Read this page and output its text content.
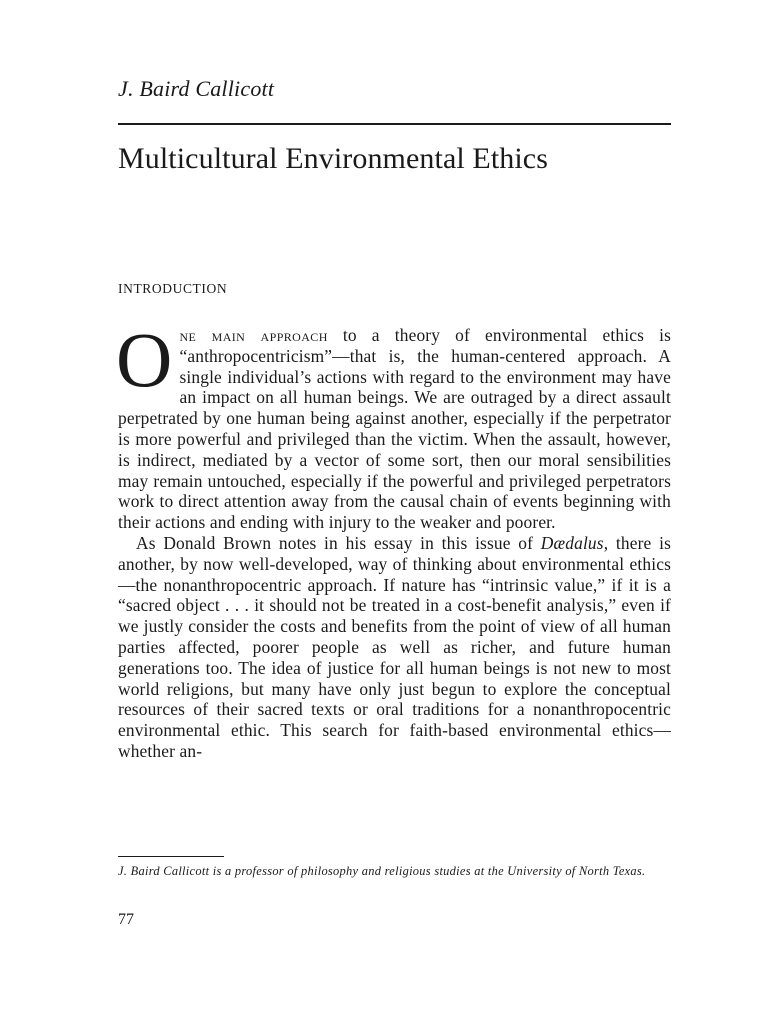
J. Baird Callicott
Multicultural Environmental Ethics
INTRODUCTION

One main approach to a theory of environmental ethics is “anthropocentricism”—that is, the human-centered approach. A single individual’s actions with regard to the environment may have an impact on all human beings. We are outraged by a direct assault perpetrated by one human being against another, especially if the perpetrator is more powerful and privileged than the victim. When the assault, however, is indirect, mediated by a vector of some sort, then our moral sensibilities may remain untouched, especially if the powerful and privileged perpetrators work to direct attention away from the causal chain of events beginning with their actions and ending with injury to the weaker and poorer.

As Donald Brown notes in his essay in this issue of Dædalus, there is another, by now well-developed, way of thinking about environmental ethics—the nonanthropocentric approach. If nature has “intrinsic value,” if it is a “sacred object . . . it should not be treated in a cost-benefit analysis,” even if we justly consider the costs and benefits from the point of view of all human parties affected, poorer people as well as richer, and future human generations too. The idea of justice for all human beings is not new to most world religions, but many have only just begun to explore the conceptual resources of their sacred texts or oral traditions for a nonanthropocentric environmental ethic. This search for faith-based environmental ethics—whether an-

J. Baird Callicott is a professor of philosophy and religious studies at the University of North Texas.
77
